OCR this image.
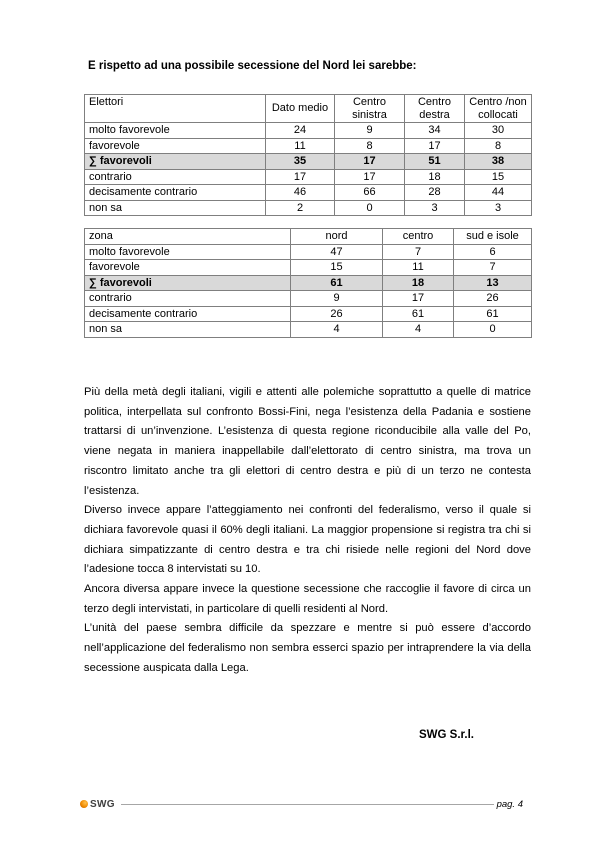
E rispetto ad una possibile secessione del Nord lei sarebbe:
Elettori	Dato medio	Centro sinistra	Centro destra	Centro /non collocati
molto favorevole	24	9	34	30
favorevole	11	8	17	8
∑ favorevoli	35	17	51	38
contrario	17	17	18	15
decisamente contrario	46	66	28	44
non sa	2	0	3	3
zona	nord	centro	sud e isole
molto favorevole	47	7	6
favorevole	15	11	7
∑ favorevoli	61	18	13
contrario	9	17	26
decisamente contrario	26	61	61
non sa	4	4	0

Più della metà degli italiani, vigili e attenti alle polemiche soprattutto a quelle di matrice politica, interpellata sul confronto Bossi-Fini, nega l’esistenza della Padania e sostiene trattarsi di un’invenzione. L’esistenza di questa regione riconducibile alla valle del Po, viene negata in maniera inappellabile dall’elettorato di centro sinistra, ma trova un riscontro limitato anche tra gli elettori di centro destra e più di un terzo ne contesta l’esistenza.

Diverso invece appare l’atteggiamento nei confronti del federalismo, verso il quale si dichiara favorevole quasi il 60% degli italiani. La maggior propensione si registra tra chi si dichiara simpatizzante di centro destra e tra chi risiede nelle regioni del Nord dove l’adesione tocca 8 intervistati su 10.

Ancora diversa appare invece la questione secessione che raccoglie il favore di circa un terzo degli intervistati, in particolare di quelli residenti al Nord.

L’unità del paese sembra difficile da spezzare e mentre si può essere d’accordo nell’applicazione del federalismo non sembra esserci spazio per intraprendere la via della secessione auspicata dalla Lega.

SWG S.r.l.
SWG	pag. 4
